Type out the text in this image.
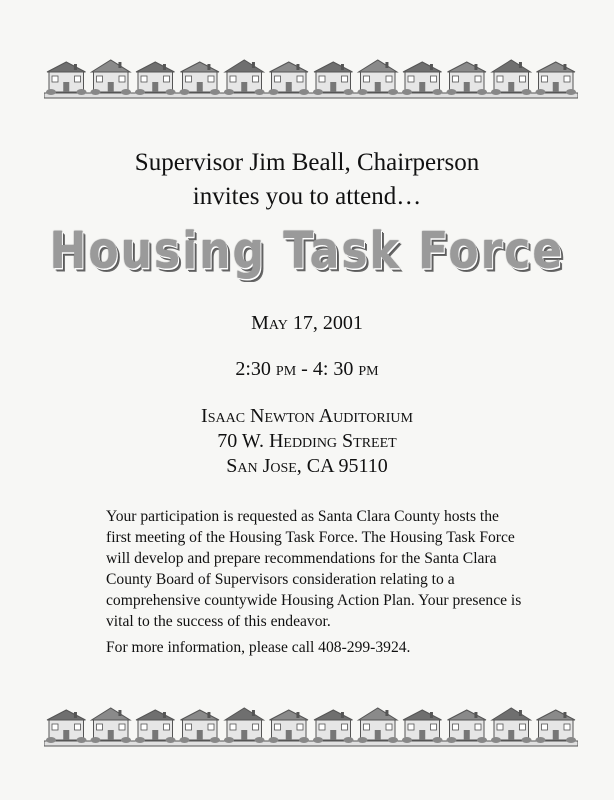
Supervisor Jim Beall, Chairperson
invites you to attend…
Housing Task Force
May 17, 2001
2:30 pm - 4: 30 pm
Isaac Newton Auditorium
70 W. Hedding Street
San Jose, CA 95110
Your participation is requested as Santa Clara County hosts the first meeting of the Housing Task Force. The Housing Task Force will develop and prepare recommendations for the Santa Clara County Board of Supervisors consideration relating to a comprehensive countywide Housing Action Plan. Your presence is vital to the success of this endeavor.
For more information, please call 408-299-3924.
